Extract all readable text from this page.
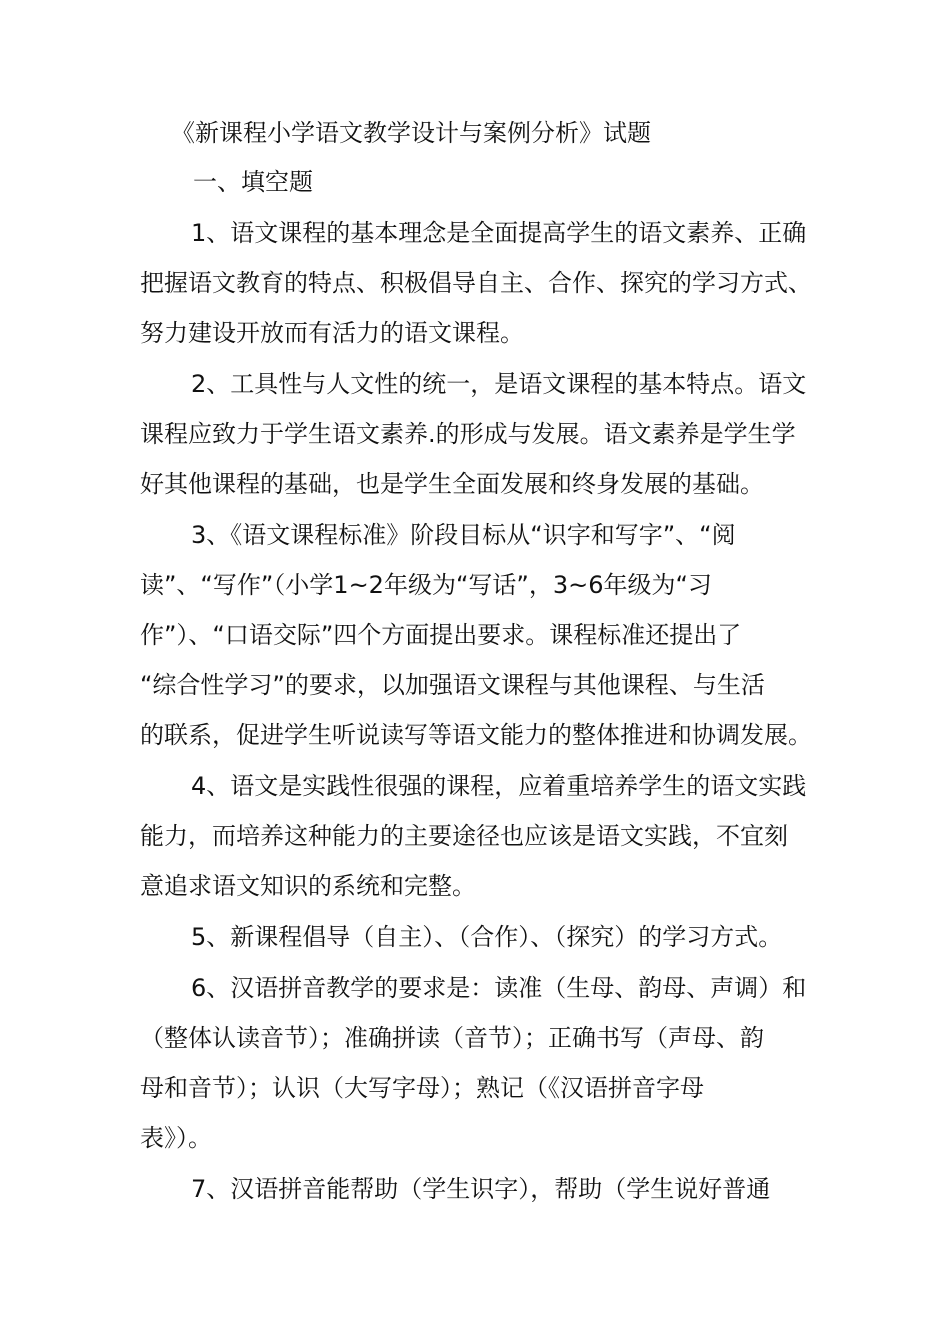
《新课程小学语文教学设计与案例分析》试题
一、填空题
1、语文课程的基本理念是全面提高学生的语文素养、正确
把握语文教育的特点、积极倡导自主、合作、探究的学习方式、
努力建设开放而有活力的语文课程。
2、工具性与人文性的统一，是语文课程的基本特点。语文
课程应致力于学生语文素养.的形成与发展。语文素养是学生学
好其他课程的基础，也是学生全面发展和终身发展的基础。
3、《语文课程标准》阶段目标从“识字和写字”、“阅
读”、“写作”（小学1~2年级为“写话”，3~6年级为“习
作”）、“口语交际”四个方面提出要求。课程标准还提出了
“综合性学习”的要求，以加强语文课程与其他课程、与生活
的联系，促进学生听说读写等语文能力的整体推进和协调发展。
4、语文是实践性很强的课程，应着重培养学生的语文实践
能力，而培养这种能力的主要途径也应该是语文实践，不宜刻
意追求语文知识的系统和完整。
5、新课程倡导（自主）、（合作）、（探究）的学习方式。
6、汉语拼音教学的要求是：读准（生母、韵母、声调）和
（整体认读音节）；准确拼读（音节）；正确书写（声母、韵
母和音节）；认识（大写字母）；熟记（《汉语拼音字母
表》）。
7、汉语拼音能帮助（学生识字），帮助（学生说好普通
